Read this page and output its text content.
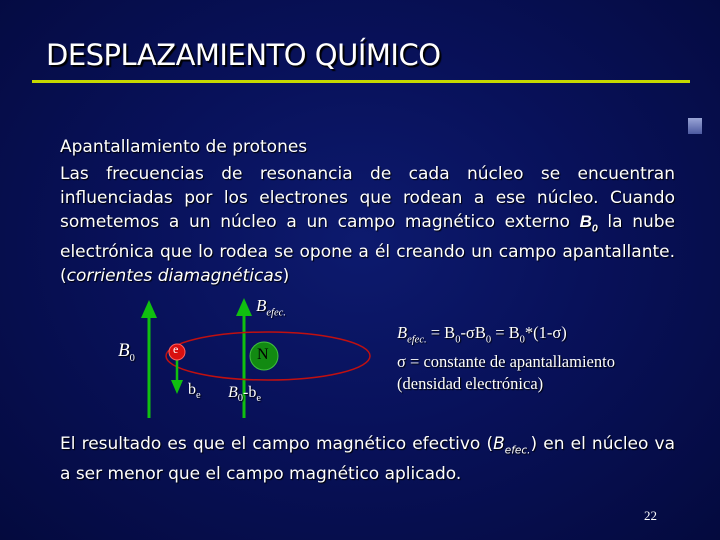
DESPLAZAMIENTO QUÍMICO
Apantallamiento de protones
Las frecuencias de resonancia de cada núcleo se encuentran influenciadas por los electrones que rodean a ese núcleo. Cuando sometemos a un núcleo a un campo magnético externo $B_0$ la nube electrónica que lo rodea se opone a él creando un campo apantallante. (corrientes diamagnéticas)
$B_{efec.}$
$B_0$
e	N
$b_e$ $B_0-b_e$
$B_{efec.} = B_0-\sigma B_0 = B_0*(1-\sigma)$
σ = constante de apantallamiento
(densidad electrónica)
El resultado es que el campo magnético efectivo $(B_{efec.})$ en el núcleo va a ser menor que el campo magnético aplicado.
22
